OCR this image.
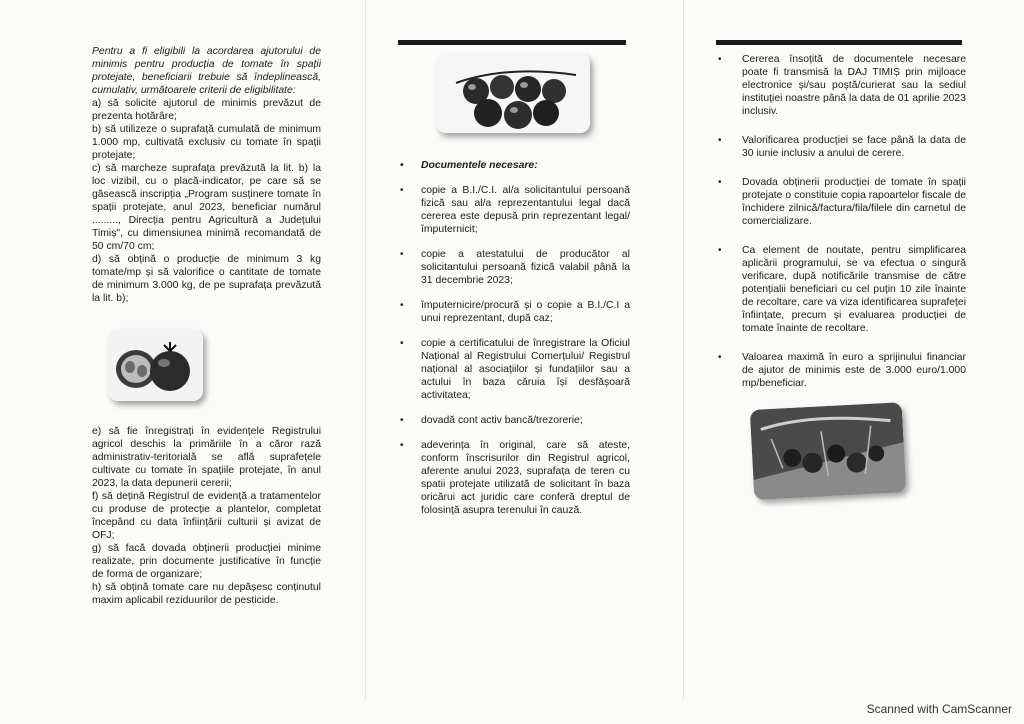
Pentru a fi eligibili la acordarea ajutorului de minimis pentru producția de tomate în spații protejate, beneficiarii trebuie să îndeplinească, cumulativ, următoarele criterii de eligibilitate:

a) să solicite ajutorul de minimis prevăzut de prezenta hotărâre;

b) să utilizeze o suprafață cumulată de minimum 1.000 mp, cultivată exclusiv cu tomate în spații protejate;

c) să marcheze suprafața prevăzută la lit. b) la loc vizibil, cu o placă-indicator, pe care să se găsească inscripția „Program susținere tomate în spații protejate, anul 2023, beneficiar numărul ........., Direcția pentru Agricultură a Județului Timiș", cu dimensiunea minimă recomandată de 50 cm/70 cm;

d) să obțină o producție de minimum 3 kg tomate/mp și să valorifice o cantitate de tomate de minimum 3.000 kg, de pe suprafața prevăzută la lit. b);

e) să fie înregistrați în evidențele Registrului agricol deschis la primăriile în a căror rază administrativ-teritorială se află suprafețele cultivate cu tomate în spațiile protejate, în anul 2023, la data depunerii cererii;

f) să dețină Registrul de evidență a tratamentelor cu produse de protecție a plantelor, completat începând cu data înființării culturii și avizat de OFJ;

g) să facă dovada obținerii producției minime realizate, prin documente justificative în funcție de forma de organizare;

h) să obțină tomate care nu depășesc conținutul maxim aplicabil reziduurilor de pesticide.

• Documentele necesare:
• copie a B.I./C.I. al/a solicitantului persoană fizică sau al/a reprezentantului legal dacă cererea este depusă prin reprezentant legal/împuternicit;
• copie a atestatului de producător al solicitantului persoană fizică valabil până la 31 decembrie 2023;
• împuternicire/procură și o copie a B.I./C.I a unui reprezentant, după caz;
• copie a certificatului de înregistrare la Oficiul Național al Registrului Comerțului/ Registrul național al asociațiilor și fundațiilor sau a actului în baza căruia își desfășoară activitatea;
• dovadă cont activ bancă/trezorerie;
• adeverința în original, care să ateste, conform înscrisurilor din Registrul agricol, aferente anului 2023, suprafața de teren cu spatii protejate utilizată de solicitant în baza oricărui act juridic care conferă dreptul de folosință asupra terenului în cauză.
• Cererea însoțită de documentele necesare poate fi transmisă la DAJ TIMIȘ prin mijloace electronice și/sau poștă/curierat sau la sediul instituției noastre până la data de 01 aprilie 2023 inclusiv.
• Valorificarea producției se face până la data de 30 iunie inclusiv a anului de cerere.
• Dovada obținerii producției de tomate în spații protejate o constituie copia rapoartelor fiscale de închidere zilnică/factura/fila/filele din carnetul de comercializare.
• Ca element de noutate, pentru simplificarea aplicării programului, se va efectua o singură verificare, după notificările transmise de către potențialii beneficiari cu cel puțin 10 zile înainte de recoltare, care va viza identificarea suprafeței înființate, precum și evaluarea producției de tomate înainte de recoltare.
• Valoarea maximă în euro a sprijinului financiar de ajutor de minimis este de 3.000 euro/1.000 mp/beneficiar.
Scanned with CamScanner
